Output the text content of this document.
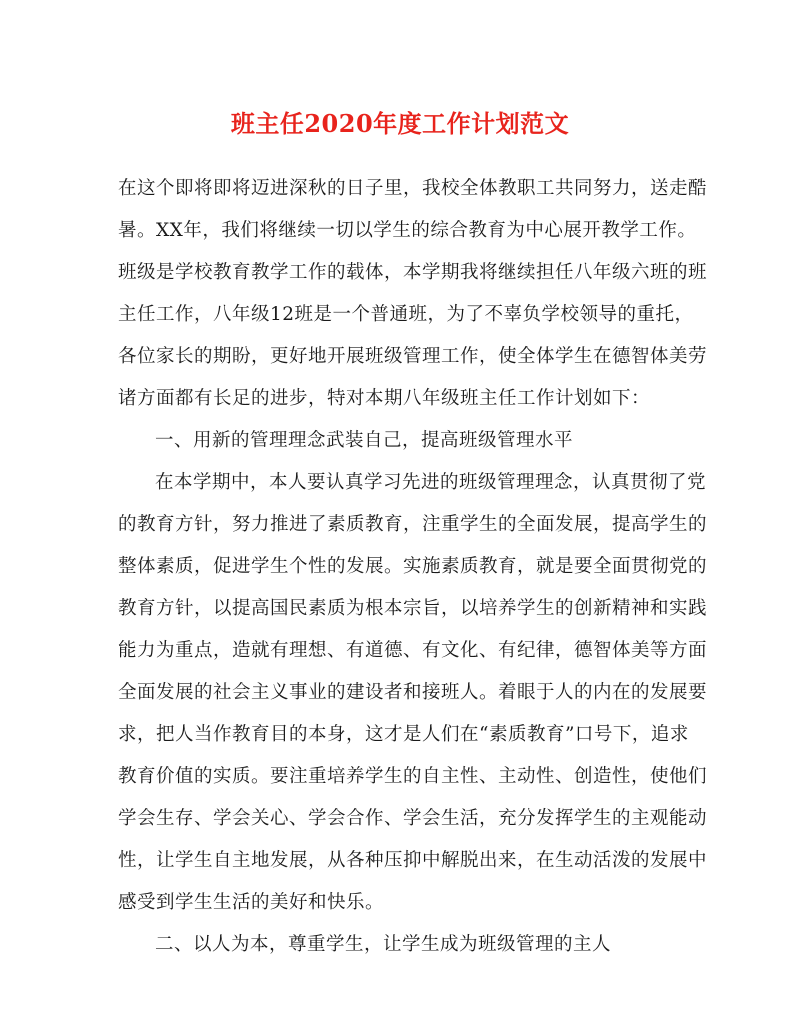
班主任2020年度工作计划范文
在这个即将即将迈进深秋的日子里，我校全体教职工共同努力，送走酷
暑。XX年，我们将继续一切以学生的综合教育为中心展开教学工作。
班级是学校教育教学工作的载体，本学期我将继续担任八年级六班的班
主任工作，八年级12班是一个普通班，为了不辜负学校领导的重托，
各位家长的期盼，更好地开展班级管理工作，使全体学生在德智体美劳
诸方面都有长足的进步，特对本期八年级班主任工作计划如下：
一、用新的管理理念武装自己，提高班级管理水平
在本学期中，本人要认真学习先进的班级管理理念，认真贯彻了党
的教育方针，努力推进了素质教育，注重学生的全面发展，提高学生的
整体素质，促进学生个性的发展。实施素质教育，就是要全面贯彻党的
教育方针，以提高国民素质为根本宗旨，以培养学生的创新精神和实践
能力为重点，造就有理想、有道德、有文化、有纪律，德智体美等方面
全面发展的社会主义事业的建设者和接班人。着眼于人的内在的发展要
求，把人当作教育目的本身，这才是人们在“素质教育”口号下，追求
教育价值的实质。要注重培养学生的自主性、主动性、创造性，使他们
学会生存、学会关心、学会合作、学会生活，充分发挥学生的主观能动
性，让学生自主地发展，从各种压抑中解脱出来，在生动活泼的发展中
感受到学生生活的美好和快乐。
二、以人为本，尊重学生，让学生成为班级管理的主人
